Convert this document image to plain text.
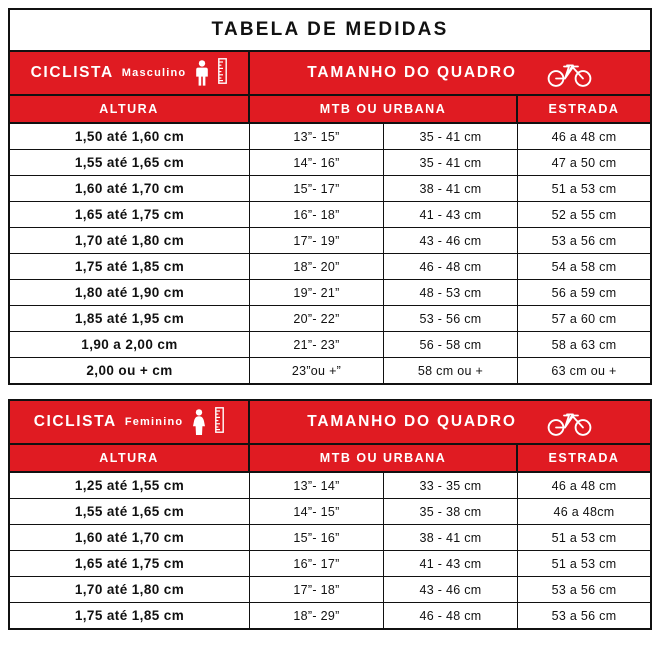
TABELA DE MEDIDAS
CICLISTA Masculino	TAMANHO DO QUADRO
ALTURA	MTB OU URBANA	ESTRADA
1,50 até 1,60 cm	13”- 15”	35 - 41 cm	46 a 48 cm
1,55 até 1,65 cm	14”- 16”	35 - 41 cm	47 a 50 cm
1,60 até 1,70 cm	15”- 17”	38 - 41 cm	51 a 53 cm
1,65 até 1,75 cm	16”- 18”	41 - 43 cm	52 a 55 cm
1,70 até 1,80 cm	17”- 19”	43 - 46 cm	53 a 56 cm
1,75 até 1,85 cm	18”- 20”	46 - 48 cm	54 a 58 cm
1,80 até 1,90 cm	19”- 21”	48 - 53 cm	56 a 59 cm
1,85 até 1,95 cm	20”- 22”	53 - 56 cm	57 a 60 cm
1,90 a 2,00 cm	21”- 23”	56 - 58 cm	58 a 63 cm
2,00 ou + cm	23”ou +”	58 cm ou +	63 cm ou +
CICLISTA Feminino	TAMANHO DO QUADRO
ALTURA	MTB OU URBANA	ESTRADA
1,25 até 1,55 cm	13”- 14”	33 - 35 cm	46 a 48 cm
1,55 até 1,65 cm	14”- 15”	35 - 38 cm	46 a 48cm
1,60 até 1,70 cm	15”- 16”	38 - 41 cm	51 a 53 cm
1,65 até 1,75 cm	16”- 17”	41 - 43 cm	51 a 53 cm
1,70 até 1,80 cm	17”- 18”	43 - 46 cm	53 a 56 cm
1,75 até 1,85 cm	18”- 29”	46 - 48 cm	53 a 56 cm
